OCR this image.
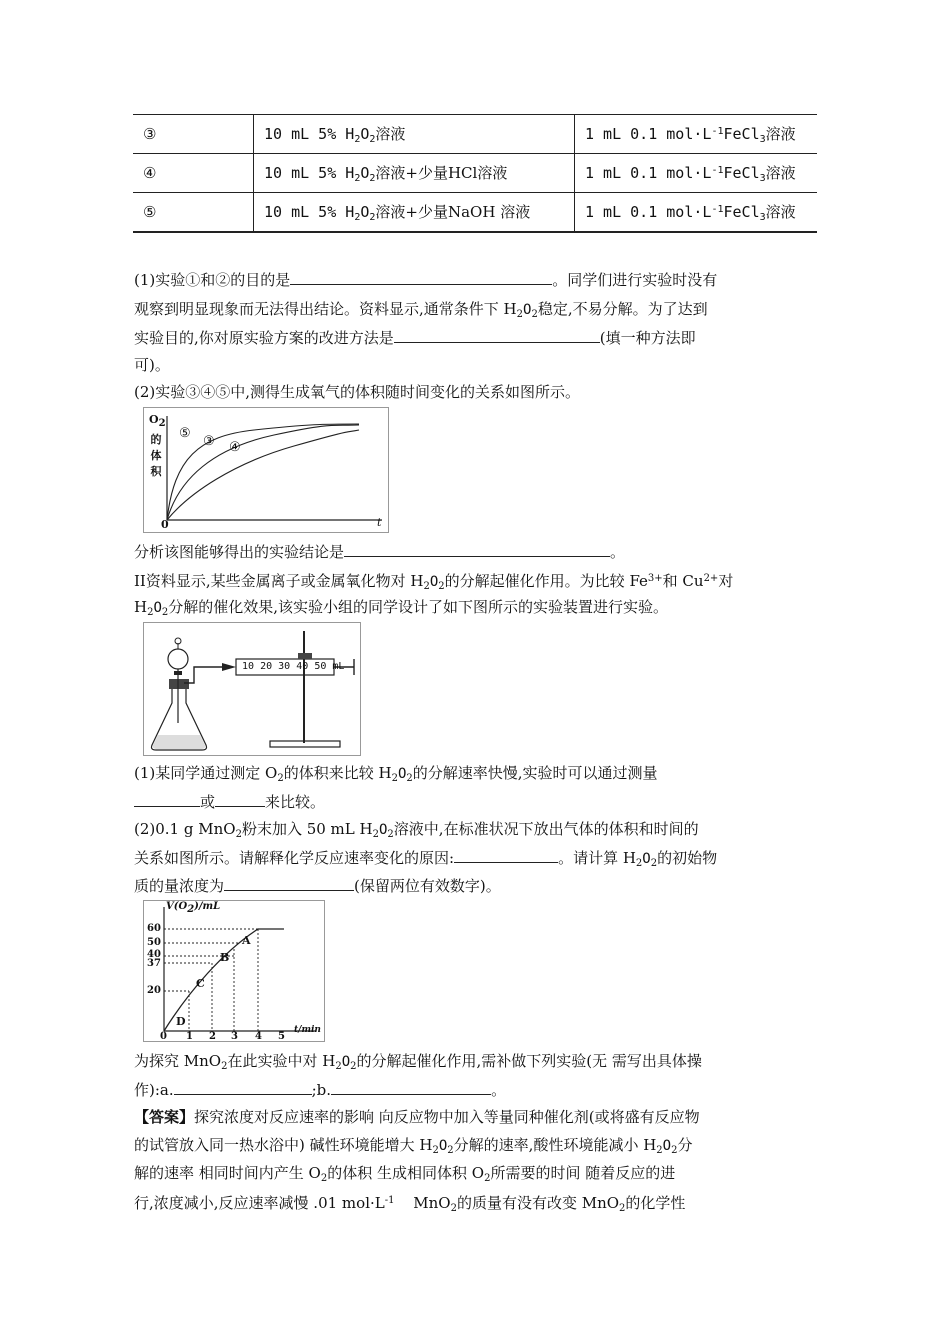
③	10 mL 5% $H_2O_2$溶液	1 mL 0.1 $mol\cdot L^{-1}FeCl_3$溶液
④	10 mL 5% $H_2O_2$溶液+少量HCl溶液	1 mL 0.1 $mol\cdot L^{-1}FeCl_3$溶液
⑤	10 mL 5% $H_2O_2$溶液+少量NaOH 溶液	1 mL 0.1 $mol\cdot L^{-1}FeCl_3$溶液
(1)实验①和②的目的是	。同学们进行实验时没有
观察到明显现象而无法得出结论。资料显示,通常条件下 $H_2O_2$稳定,不易分解。为了达到
实验目的,你对原实验方案的改进方法是	(填一种方法即
可)。
(2)实验③④⑤中,测得生成氧气的体积随时间变化的关系如图所示。
$O_2$
的
体
积
0	t
⑤
③ ④
分析该图能够得出的实验结论是	。
II资料显示,某些金属离子或金属氧化物对 $H_2O_2$的分解起催化作用。为比较 $Fe^{3+}$和 $Cu^{2+}$对
$H_2O_2$分解的催化效果,该实验小组的同学设计了如下图所示的实验装置进行实验。
10 20 30 40 50 mL
(1)某同学通过测定 $O_2$的体积来比较 $H_2O_2$的分解速率快慢,实验时可以通过测量
或	来比较。
(2)0.1 g MnO$_2$粉末加入 50 mL $H_2O_2$溶液中,在标准状况下放出气体的体积和时间的
关系如图所示。请解释化学反应速率变化的原因:	。请计算 $H_2O_2$的初始物
质的量浓度为	(保留两位有效数字)。
$V(O_2)/mL$
60
50
40
37
20
0 1 2 3 4 5
t/min
A
B
C
D
为探究 MnO$_2$在此实验中对 $H_2O_2$的分解起催化作用,需补做下列实验(无 需写出具体操
作):a.	;b.	。
【答案】探究浓度对反应速率的影响 向反应物中加入等量同种催化剂(或将盛有反应物
的试管放入同一热水浴中) 碱性环境能增大 $H_2O_2$分解的速率,酸性环境能减小 $H_2O_2$分
解的速率 相同时间内产生 $O_2$的体积 生成相同体积 $O_2$所需要的时间 随着反应的进
行,浓度减小,反应速率减慢 .01 $mol\cdot L^{-1}$ MnO$_2$的质量有没有改变 MnO$_2$的化学性
